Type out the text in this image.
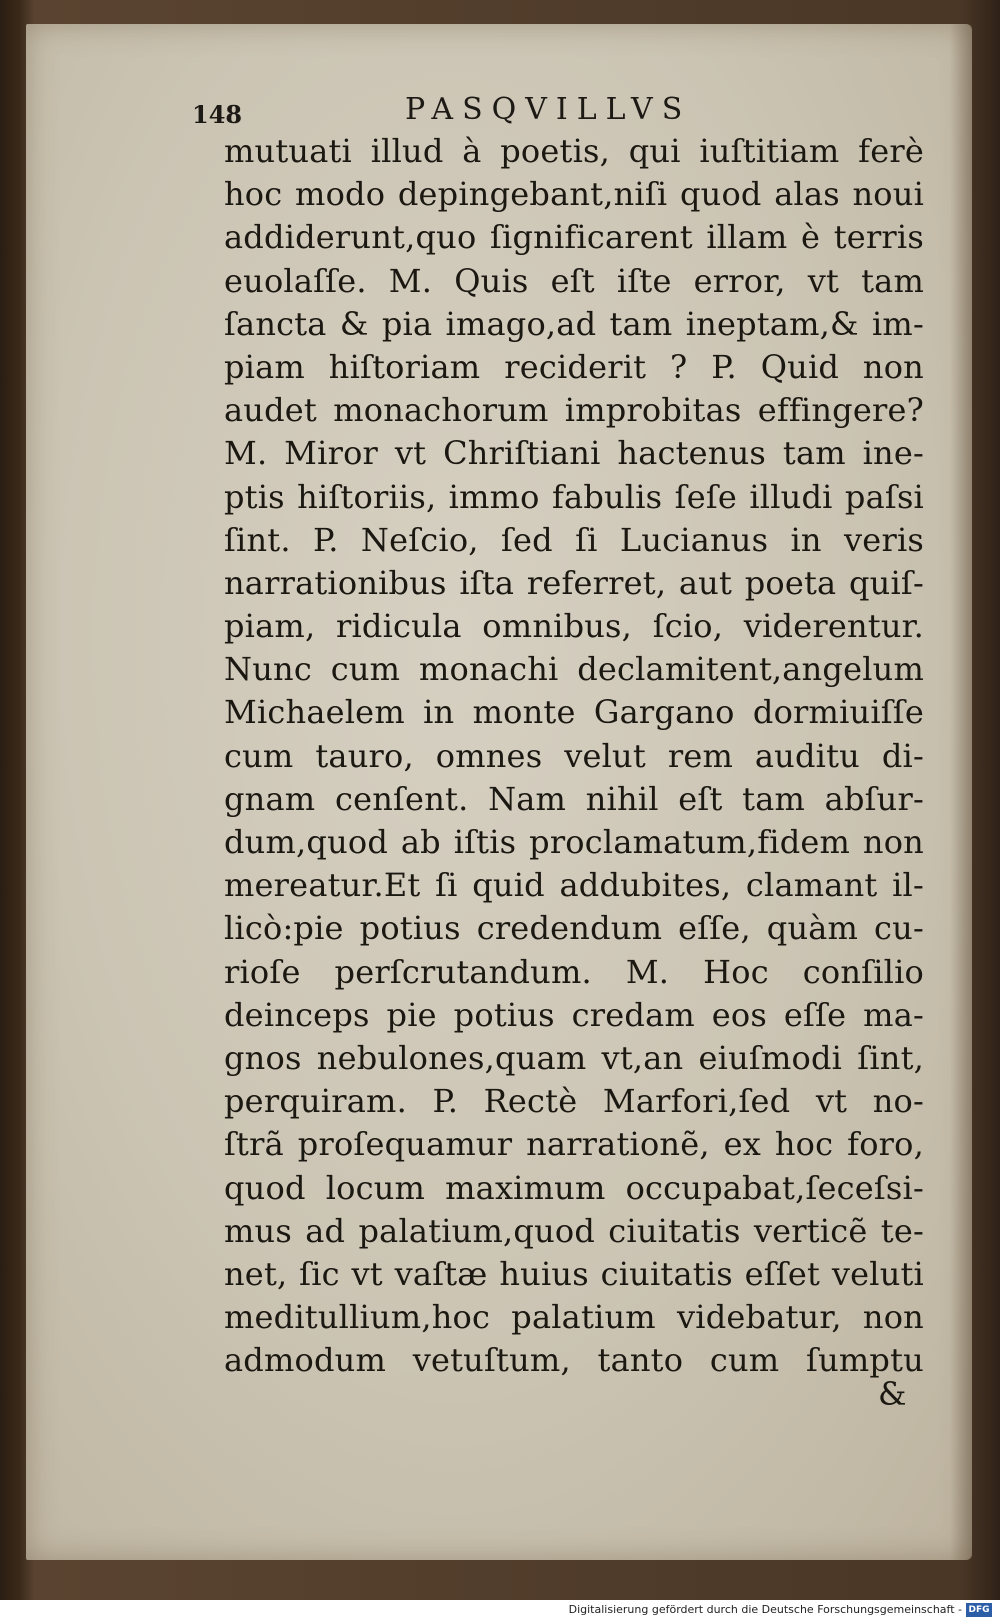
148	PASQVILLVS
mutuati illud à poetis, qui iuſtitiam ferè
hoc modo depingebant,niſi quod alas noui
addiderunt,quo ſignificarent illam è terris
euolaſſe. M. Quis eſt iſte error, vt tam
ſancta & pia imago,ad tam ineptam,& im-
piam hiſtoriam reciderit ? P. Quid non
audet monachorum improbitas effingere?
M. Miror vt Chriſtiani hactenus tam ine-
ptis hiſtoriis, immo fabulis ſeſe illudi paſsi
ſint. P. Neſcio, ſed ſi Lucianus in veris
narrationibus iſta referret, aut poeta quiſ-
piam, ridicula omnibus, ſcio, viderentur.
Nunc cum monachi declamitent,angelum
Michaelem in monte Gargano dormiuiſſe
cum tauro, omnes velut rem auditu di-
gnam cenſent. Nam nihil eſt tam abſur-
dum,quod ab iſtis proclamatum,fidem non
mereatur.Et ſi quid addubites, clamant il-
licò:pie potius credendum eſſe, quàm cu-
rioſe perſcrutandum. M. Hoc conſilio
deinceps pie potius credam eos eſſe ma-
gnos nebulones,quam vt,an eiuſmodi ſint,
perquiram. P. Rectè Marfori,ſed vt no-
ſtrã proſequamur narrationẽ, ex hoc foro,
quod locum maximum occupabat,ſeceſsi-
mus ad palatium,quod ciuitatis verticẽ te-
net, ſic vt vaſtæ huius ciuitatis eſſet veluti
meditullium,hoc palatium videbatur, non
admodum vetuſtum, tanto cum ſumptu
&
Digitalisierung gefördert durch die Deutsche Forschungsgemeinschaft - DFG
